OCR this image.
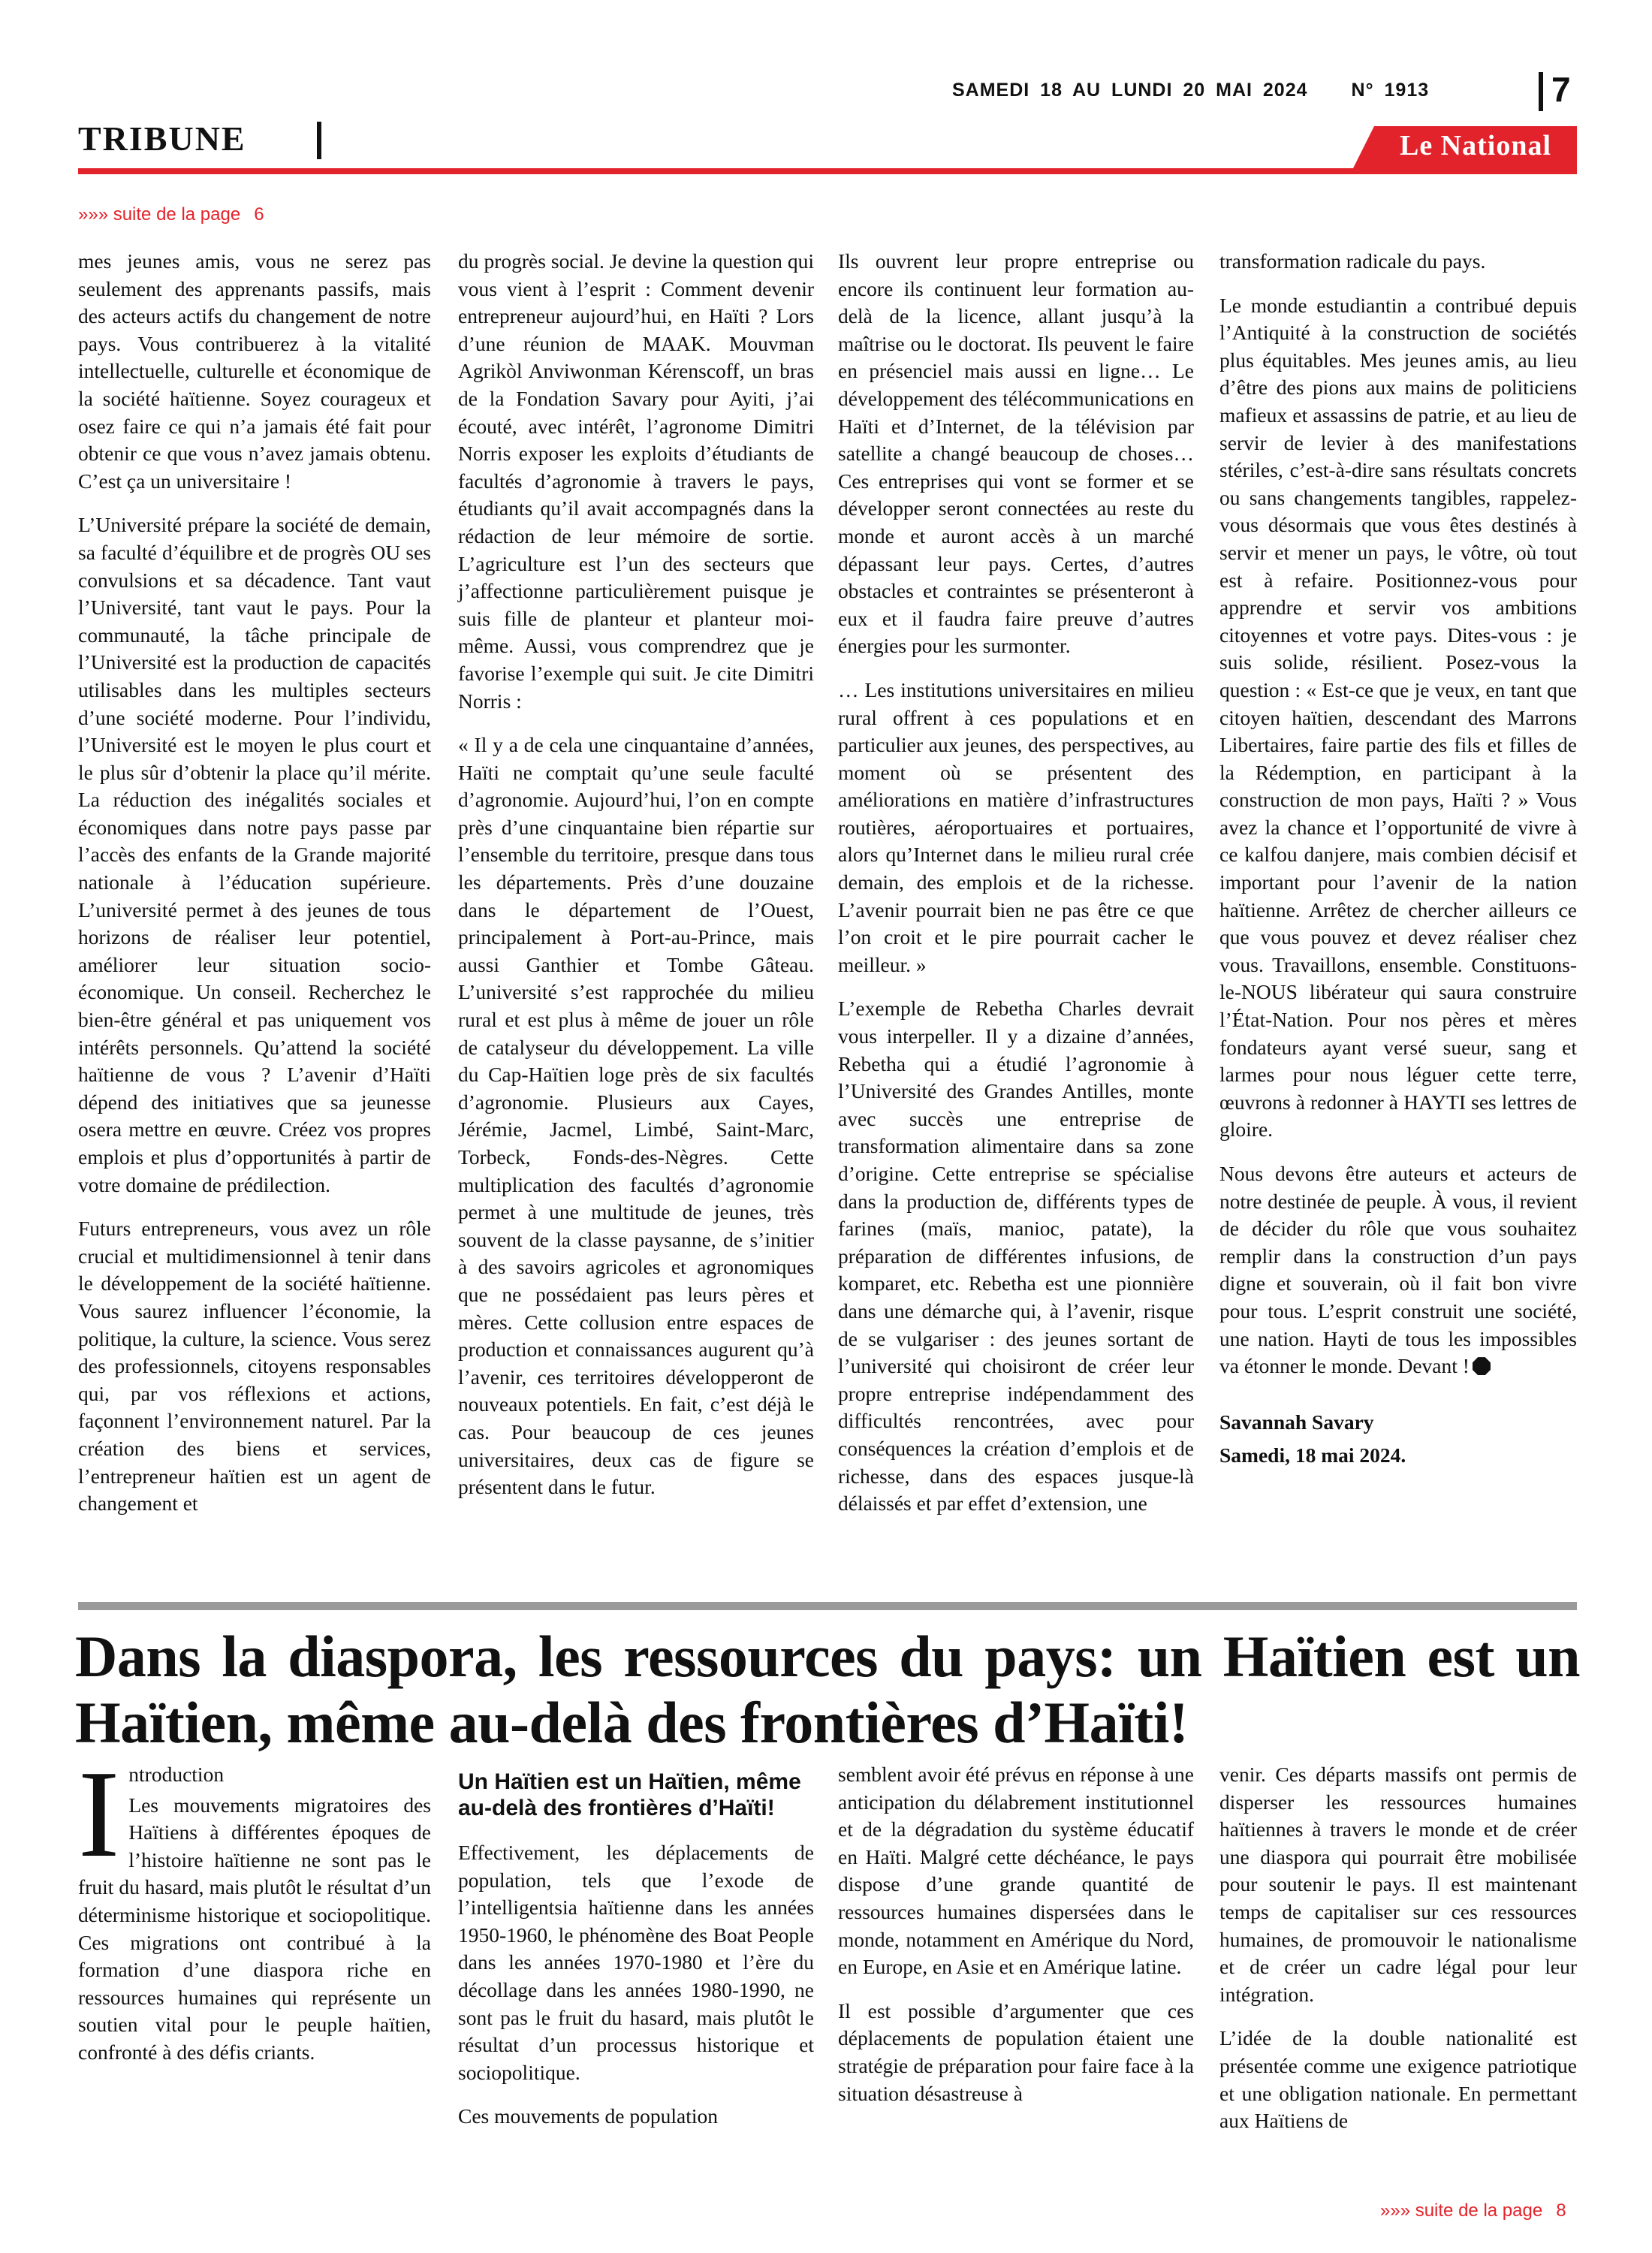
SAMEDI 18 AU LUNDI 20 MAI 2024 N° 1913	7
TRIBUNE	Le National
»»» suite de la page 6

mes jeunes amis, vous ne serez pas seulement des apprenants passifs, mais des acteurs actifs du changement de notre pays. Vous contribuerez à la vitalité intellectuelle, culturelle et économique de la société haïtienne. Soyez courageux et osez faire ce qui n’a jamais été fait pour obtenir ce que vous n’avez jamais obtenu. C’est ça un universitaire !

L’Université prépare la société de demain, sa faculté d’équilibre et de progrès OU ses convulsions et sa décadence. Tant vaut l’Université, tant vaut le pays. Pour la communauté, la tâche principale de l’Université est la production de capacités utilisables dans les multiples secteurs d’une société moderne. Pour l’individu, l’Université est le moyen le plus court et le plus sûr d’obtenir la place qu’il mérite. La réduction des inégalités sociales et économiques dans notre pays passe par l’accès des enfants de la Grande majorité nationale à l’éducation supérieure. L’université permet à des jeunes de tous horizons de réaliser leur potentiel, améliorer leur situation socio-économique. Un conseil. Recherchez le bien-être général et pas uniquement vos intérêts personnels. Qu’attend la société haïtienne de vous ? L’avenir d’Haïti dépend des initiatives que sa jeunesse osera mettre en œuvre. Créez vos propres emplois et plus d’opportunités à partir de votre domaine de prédilection.

Futurs entrepreneurs, vous avez un rôle crucial et multidimensionnel à tenir dans le développement de la société haïtienne. Vous saurez influencer l’économie, la politique, la culture, la science. Vous serez des professionnels, citoyens responsables qui, par vos réflexions et actions, façonnent l’environnement naturel. Par la création des biens et services, l’entrepreneur haïtien est un agent de changement et

du progrès social. Je devine la question qui vous vient à l’esprit : Comment devenir entrepreneur aujourd’hui, en Haïti ? Lors d’une réunion de MAAK. Mouvman Agrikòl Anviwonman Kérenscoff, un bras de la Fondation Savary pour Ayiti, j’ai écouté, avec intérêt, l’agronome Dimitri Norris exposer les exploits d’étudiants de facultés d’agronomie à travers le pays, étudiants qu’il avait accompagnés dans la rédaction de leur mémoire de sortie. L’agriculture est l’un des secteurs que j’affectionne particulièrement puisque je suis fille de planteur et planteur moi-même. Aussi, vous comprendrez que je favorise l’exemple qui suit. Je cite Dimitri Norris :

« Il y a de cela une cinquantaine d’années, Haïti ne comptait qu’une seule faculté d’agronomie. Aujourd’hui, l’on en compte près d’une cinquantaine bien répartie sur l’ensemble du territoire, presque dans tous les départements. Près d’une douzaine dans le département de l’Ouest, principalement à Port-au-Prince, mais aussi Ganthier et Tombe Gâteau. L’université s’est rapprochée du milieu rural et est plus à même de jouer un rôle de catalyseur du développement. La ville du Cap-Haïtien loge près de six facultés d’agronomie. Plusieurs aux Cayes, Jérémie, Jacmel, Limbé, Saint-Marc, Torbeck, Fonds-des-Nègres. Cette multiplication des facultés d’agronomie permet à une multitude de jeunes, très souvent de la classe paysanne, de s’initier à des savoirs agricoles et agronomiques que ne possédaient pas leurs pères et mères. Cette collusion entre espaces de production et connaissances augurent qu’à l’avenir, ces territoires développeront de nouveaux potentiels. En fait, c’est déjà le cas. Pour beaucoup de ces jeunes universitaires, deux cas de figure se présentent dans le futur.

Ils ouvrent leur propre entreprise ou encore ils continuent leur formation au-delà de la licence, allant jusqu’à la maîtrise ou le doctorat. Ils peuvent le faire en présenciel mais aussi en ligne… Le développement des télécommunications en Haïti et d’Internet, de la télévision par satellite a changé beaucoup de choses… Ces entreprises qui vont se former et se développer seront connectées au reste du monde et auront accès à un marché dépassant leur pays. Certes, d’autres obstacles et contraintes se présenteront à eux et il faudra faire preuve d’autres énergies pour les surmonter.

… Les institutions universitaires en milieu rural offrent à ces populations et en particulier aux jeunes, des perspectives, au moment où se présentent des améliorations en matière d’infrastructures routières, aéroportuaires et portuaires, alors qu’Internet dans le milieu rural crée demain, des emplois et de la richesse. L’avenir pourrait bien ne pas être ce que l’on croit et le pire pourrait cacher le meilleur. »

L’exemple de Rebetha Charles devrait vous interpeller. Il y a dizaine d’années, Rebetha qui a étudié l’agronomie à l’Université des Grandes Antilles, monte avec succès une entreprise de transformation alimentaire dans sa zone d’origine. Cette entreprise se spécialise dans la production de, différents types de farines (maïs, manioc, patate), la préparation de différentes infusions, de komparet, etc. Rebetha est une pionnière dans une démarche qui, à l’avenir, risque de se vulgariser : des jeunes sortant de l’université qui choisiront de créer leur propre entreprise indépendamment des difficultés rencontrées, avec pour conséquences la création d’emplois et de richesse, dans des espaces jusque-là délaissés et par effet d’extension, une

transformation radicale du pays.

Le monde estudiantin a contribué depuis l’Antiquité à la construction de sociétés plus équitables. Mes jeunes amis, au lieu d’être des pions aux mains de politiciens mafieux et assassins de patrie, et au lieu de servir de levier à des manifestations stériles, c’est-à-dire sans résultats concrets ou sans changements tangibles, rappelez-vous désormais que vous êtes destinés à servir et mener un pays, le vôtre, où tout est à refaire. Positionnez-vous pour apprendre et servir vos ambitions citoyennes et votre pays. Dites-vous : je suis solide, résilient. Posez-vous la question : « Est-ce que je veux, en tant que citoyen haïtien, descendant des Marrons Libertaires, faire partie des fils et filles de la Rédemption, en participant à la construction de mon pays, Haïti ? » Vous avez la chance et l’opportunité de vivre à ce kalfou danjere, mais combien décisif et important pour l’avenir de la nation haïtienne. Arrêtez de chercher ailleurs ce que vous pouvez et devez réaliser chez vous. Travaillons, ensemble. Constituons-le-NOUS libérateur qui saura construire l’État-Nation. Pour nos pères et mères fondateurs ayant versé sueur, sang et larmes pour nous léguer cette terre, œuvrons à redonner à HAYTI ses lettres de gloire.

Nous devons être auteurs et acteurs de notre destinée de peuple. À vous, il revient de décider du rôle que vous souhaitez remplir dans la construction d’un pays digne et souverain, où il fait bon vivre pour tous. L’esprit construit une société, une nation. Hayti de tous les impossibles va étonner le monde. Devant !

Savannah Savary
Samedi, 18 mai 2024.
Dans la diaspora, les ressources du pays: un Haïtien est un Haïtien, même au-delà des frontières d’Haïti!
I ntroduction

Les mouvements migratoires des Haïtiens à différentes époques de l’histoire haïtienne ne sont pas le fruit du hasard, mais plutôt le résultat d’un déterminisme historique et sociopolitique. Ces migrations ont contribué à la formation d’une diaspora riche en ressources humaines qui représente un soutien vital pour le peuple haïtien, confronté à des défis criants.

Un Haïtien est un Haïtien, même au-delà des frontières d’Haïti!

Effectivement, les déplacements de population, tels que l’exode de l’intelligentsia haïtienne dans les années 1950-1960, le phénomène des Boat People dans les années 1970-1980 et l’ère du décollage dans les années 1980-1990, ne sont pas le fruit du hasard, mais plutôt le résultat d’un processus historique et sociopolitique.

Ces mouvements de population

semblent avoir été prévus en réponse à une anticipation du délabrement institutionnel et de la dégradation du système éducatif en Haïti. Malgré cette déchéance, le pays dispose d’une grande quantité de ressources humaines dispersées dans le monde, notamment en Amérique du Nord, en Europe, en Asie et en Amérique latine.

Il est possible d’argumenter que ces déplacements de population étaient une stratégie de préparation pour faire face à la situation désastreuse à

venir. Ces départs massifs ont permis de disperser les ressources humaines haïtiennes à travers le monde et de créer une diaspora qui pourrait être mobilisée pour soutenir le pays. Il est maintenant temps de capitaliser sur ces ressources humaines, de promouvoir le nationalisme et de créer un cadre légal pour leur intégration.

L’idée de la double nationalité est présentée comme une exigence patriotique et une obligation nationale. En permettant aux Haïtiens de

»»» suite de la page 8
